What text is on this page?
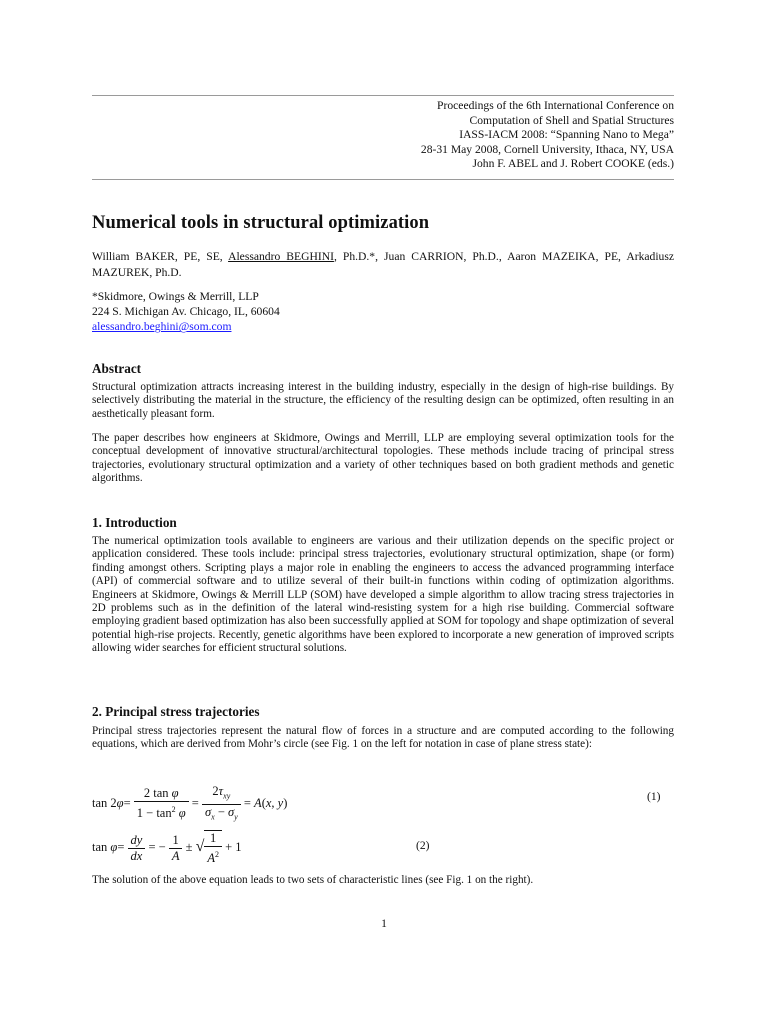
Proceedings of the 6th International Conference on
Computation of Shell and Spatial Structures
IASS-IACM 2008: “Spanning Nano to Mega”
28-31 May 2008, Cornell University, Ithaca, NY, USA
John F. ABEL and J. Robert COOKE (eds.)
Numerical tools in structural optimization
William BAKER, PE, SE, Alessandro BEGHINI, Ph.D.*, Juan CARRION, Ph.D., Aaron MAZEIKA, PE, Arkadiusz MAZUREK, Ph.D.
*Skidmore, Owings & Merrill, LLP
224 S. Michigan Av. Chicago, IL, 60604
alessandro.beghini@som.com
Abstract

Structural optimization attracts increasing interest in the building industry, especially in the design of high-rise buildings. By selectively distributing the material in the structure, the efficiency of the resulting design can be optimized, often resulting in an aesthetically pleasant form.

The paper describes how engineers at Skidmore, Owings and Merrill, LLP are employing several optimization tools for the conceptual development of innovative structural/architectural topologies. These methods include tracing of principal stress trajectories, evolutionary structural optimization and a variety of other techniques based on both gradient methods and genetic algorithms.

1. Introduction

The numerical optimization tools available to engineers are various and their utilization depends on the specific project or application considered. These tools include: principal stress trajectories, evolutionary structural optimization, shape (or form) finding amongst others. Scripting plays a major role in enabling the engineers to access the advanced programming interface (API) of commercial software and to utilize several of their built-in functions within coding of optimization algorithms. Engineers at Skidmore, Owings & Merrill LLP (SOM) have developed a simple algorithm to allow tracing stress trajectories in 2D problems such as in the definition of the lateral wind-resisting system for a high rise building. Commercial software employing gradient based optimization has also been successfully applied at SOM for topology and shape optimization of several potential high-rise projects. Recently, genetic algorithms have been explored to incorporate a new generation of improved scripts allowing wider searches for efficient structural solutions.

2. Principal stress trajectories

Principal stress trajectories represent the natural flow of forces in a structure and are computed according to the following equations, which are derived from Mohr’s circle (see Fig. 1 on the left for notation in case of plane stress state):

$\tan 2\varphi= \frac{\text{2 tan φ}}{1 - \tan^2 \varphi} = \frac{2\tau_{xy}}{\sigma_x - \sigma_y} = A(x$, y)	(1)
$\tan \varphi= \frac{dy}{dx}$ = − $\frac{1}{A}$ ± √ $\frac{1}{A^2} + 1$	(2)

The solution of the above equation leads to two sets of characteristic lines (see Fig. 1 on the right).

1
